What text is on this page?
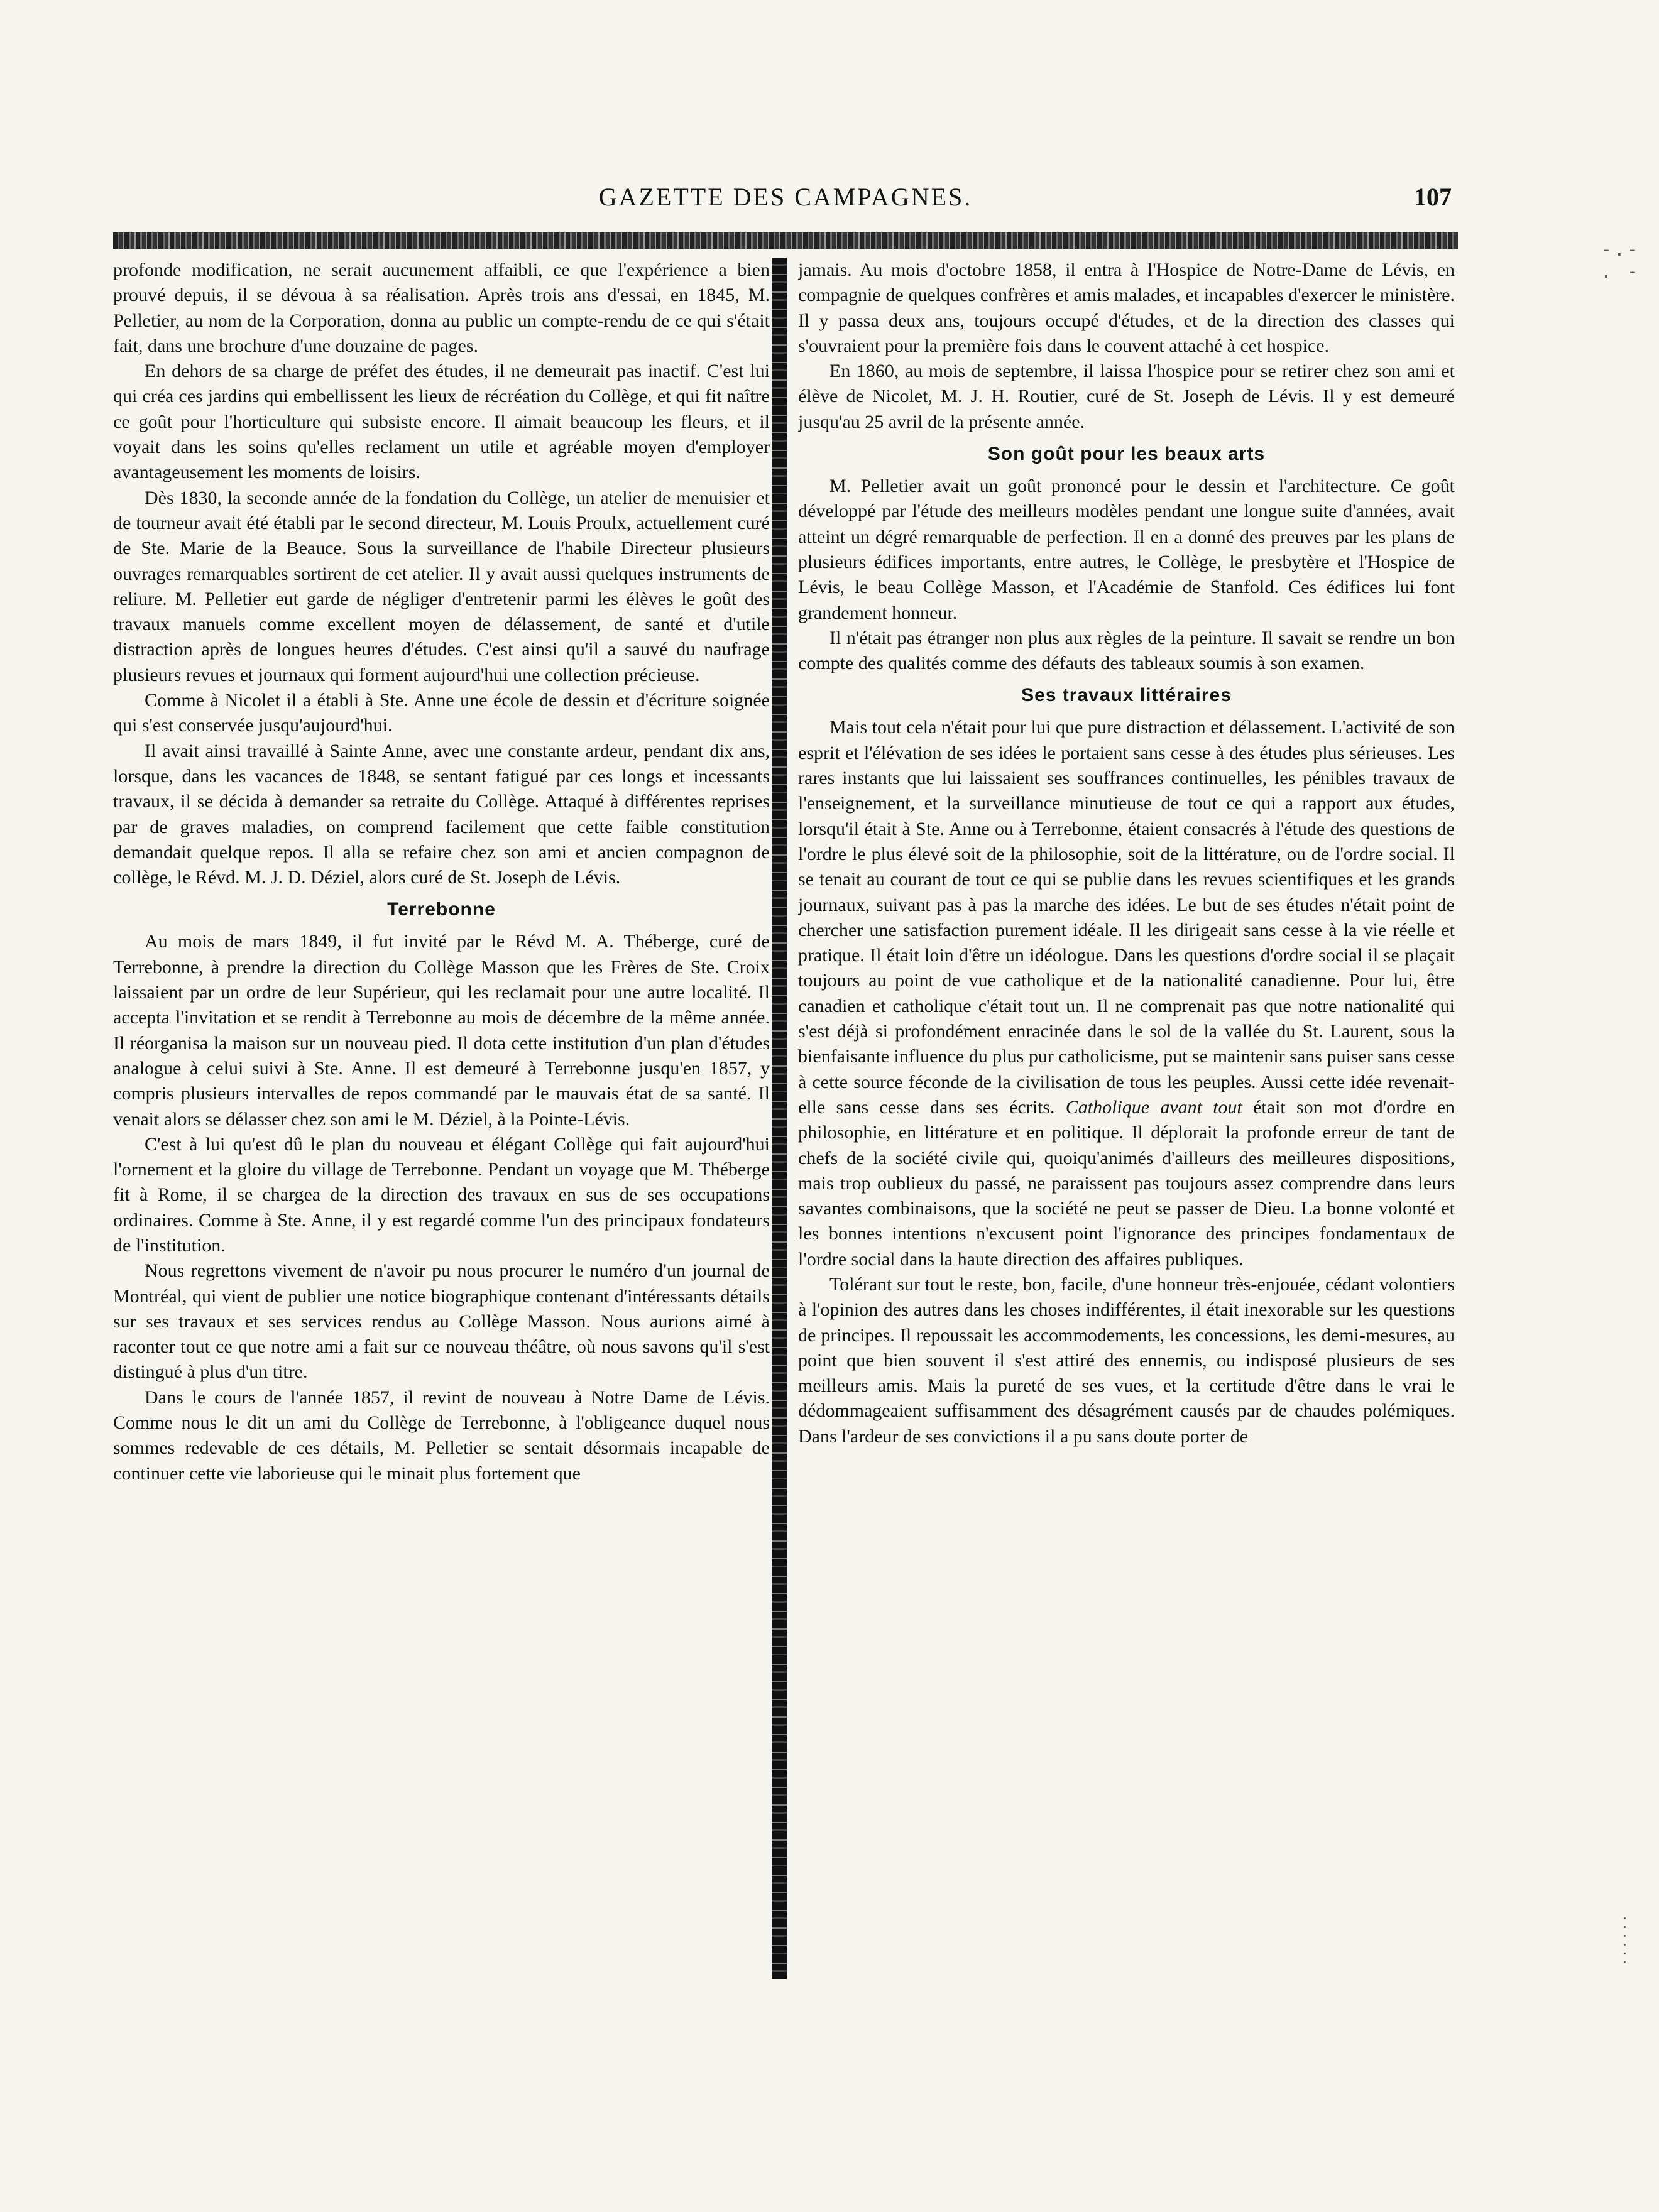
GAZETTE DES CAMPAGNES.	107
-.-
. -
. . . . . .

profonde modification, ne serait aucunement affaibli, ce que l'expérience a bien prouvé depuis, il se dévoua à sa réalisation. Après trois ans d'essai, en 1845, M. Pelletier, au nom de la Corporation, donna au public un compte-rendu de ce qui s'était fait, dans une brochure d'une douzaine de pages.

En dehors de sa charge de préfet des études, il ne demeurait pas inactif. C'est lui qui créa ces jardins qui embellissent les lieux de récréation du Collège, et qui fit naître ce goût pour l'horticulture qui subsiste encore. Il aimait beaucoup les fleurs, et il voyait dans les soins qu'elles reclament un utile et agréable moyen d'employer avantageusement les moments de loisirs.

Dès 1830, la seconde année de la fondation du Collège, un atelier de menuisier et de tourneur avait été établi par le second directeur, M. Louis Proulx, actuellement curé de Ste. Marie de la Beauce. Sous la surveillance de l'habile Directeur plusieurs ouvrages remarquables sortirent de cet atelier. Il y avait aussi quelques instruments de reliure. M. Pelletier eut garde de négliger d'entretenir parmi les élèves le goût des travaux manuels comme excellent moyen de délassement, de santé et d'utile distraction après de longues heures d'études. C'est ainsi qu'il a sauvé du naufrage plusieurs revues et journaux qui forment aujourd'hui une collection précieuse.

Comme à Nicolet il a établi à Ste. Anne une école de dessin et d'écriture soignée qui s'est conservée jusqu'aujourd'hui.

Il avait ainsi travaillé à Sainte Anne, avec une constante ardeur, pendant dix ans, lorsque, dans les vacances de 1848, se sentant fatigué par ces longs et incessants travaux, il se décida à demander sa retraite du Collège. Attaqué à différentes reprises par de graves maladies, on comprend facilement que cette faible constitution demandait quelque repos. Il alla se refaire chez son ami et ancien compagnon de collège, le Révd. M. J. D. Déziel, alors curé de St. Joseph de Lévis.

Terrebonne

Au mois de mars 1849, il fut invité par le Révd M. A. Théberge, curé de Terrebonne, à prendre la direction du Collège Masson que les Frères de Ste. Croix laissaient par un ordre de leur Supérieur, qui les reclamait pour une autre localité. Il accepta l'invitation et se rendit à Terrebonne au mois de décembre de la même année. Il réorganisa la maison sur un nouveau pied. Il dota cette institution d'un plan d'études analogue à celui suivi à Ste. Anne. Il est demeuré à Terrebonne jusqu'en 1857, y compris plusieurs intervalles de repos commandé par le mauvais état de sa santé. Il venait alors se délasser chez son ami le M. Déziel, à la Pointe-Lévis.

C'est à lui qu'est dû le plan du nouveau et élégant Collège qui fait aujourd'hui l'ornement et la gloire du village de Terrebonne. Pendant un voyage que M. Théberge fit à Rome, il se chargea de la direction des travaux en sus de ses occupations ordinaires. Comme à Ste. Anne, il y est regardé comme l'un des principaux fondateurs de l'institution.

Nous regrettons vivement de n'avoir pu nous procurer le numéro d'un journal de Montréal, qui vient de publier une notice biographique contenant d'intéressants détails sur ses travaux et ses services rendus au Collège Masson. Nous aurions aimé à raconter tout ce que notre ami a fait sur ce nouveau théâtre, où nous savons qu'il s'est distingué à plus d'un titre.

Dans le cours de l'année 1857, il revint de nouveau à Notre Dame de Lévis. Comme nous le dit un ami du Collège de Terrebonne, à l'obligeance duquel nous sommes redevable de ces détails, M. Pelletier se sentait désormais incapable de continuer cette vie laborieuse qui le minait plus fortement que

jamais. Au mois d'octobre 1858, il entra à l'Hospice de Notre-Dame de Lévis, en compagnie de quelques confrères et amis malades, et incapables d'exercer le ministère. Il y passa deux ans, toujours occupé d'études, et de la direction des classes qui s'ouvraient pour la première fois dans le couvent attaché à cet hospice.

En 1860, au mois de septembre, il laissa l'hospice pour se retirer chez son ami et élève de Nicolet, M. J. H. Routier, curé de St. Joseph de Lévis. Il y est demeuré jusqu'au 25 avril de la présente année.

Son goût pour les beaux arts

M. Pelletier avait un goût prononcé pour le dessin et l'architecture. Ce goût développé par l'étude des meilleurs modèles pendant une longue suite d'années, avait atteint un dégré remarquable de perfection. Il en a donné des preuves par les plans de plusieurs édifices importants, entre autres, le Collège, le presbytère et l'Hospice de Lévis, le beau Collège Masson, et l'Académie de Stanfold. Ces édifices lui font grandement honneur.

Il n'était pas étranger non plus aux règles de la peinture. Il savait se rendre un bon compte des qualités comme des défauts des tableaux soumis à son examen.

Ses travaux littéraires

Mais tout cela n'était pour lui que pure distraction et délassement. L'activité de son esprit et l'élévation de ses idées le portaient sans cesse à des études plus sérieuses. Les rares instants que lui laissaient ses souffrances continuelles, les pénibles travaux de l'enseignement, et la surveillance minutieuse de tout ce qui a rapport aux études, lorsqu'il était à Ste. Anne ou à Terrebonne, étaient consacrés à l'étude des questions de l'ordre le plus élevé soit de la philosophie, soit de la littérature, ou de l'ordre social. Il se tenait au courant de tout ce qui se publie dans les revues scientifiques et les grands journaux, suivant pas à pas la marche des idées. Le but de ses études n'était point de chercher une satisfaction purement idéale. Il les dirigeait sans cesse à la vie réelle et pratique. Il était loin d'être un idéologue. Dans les questions d'ordre social il se plaçait toujours au point de vue catholique et de la nationalité canadienne. Pour lui, être canadien et catholique c'était tout un. Il ne comprenait pas que notre nationalité qui s'est déjà si profondément enracinée dans le sol de la vallée du St. Laurent, sous la bienfaisante influence du plus pur catholicisme, put se maintenir sans puiser sans cesse à cette source féconde de la civilisation de tous les peuples. Aussi cette idée revenait-elle sans cesse dans ses écrits. Catholique avant tout était son mot d'ordre en philosophie, en littérature et en politique. Il déplorait la profonde erreur de tant de chefs de la société civile qui, quoiqu'animés d'ailleurs des meilleures dispositions, mais trop oublieux du passé, ne paraissent pas toujours assez comprendre dans leurs savantes combinaisons, que la société ne peut se passer de Dieu. La bonne volonté et les bonnes intentions n'excusent point l'ignorance des principes fondamentaux de l'ordre social dans la haute direction des affaires publiques.

Tolérant sur tout le reste, bon, facile, d'une honneur très-enjouée, cédant volontiers à l'opinion des autres dans les choses indifférentes, il était inexorable sur les questions de principes. Il repoussait les accommodements, les concessions, les demi-mesures, au point que bien souvent il s'est attiré des ennemis, ou indisposé plusieurs de ses meilleurs amis. Mais la pureté de ses vues, et la certitude d'être dans le vrai le dédommageaient suffisamment des désagrément causés par de chaudes polémiques. Dans l'ardeur de ses convictions il a pu sans doute porter de
